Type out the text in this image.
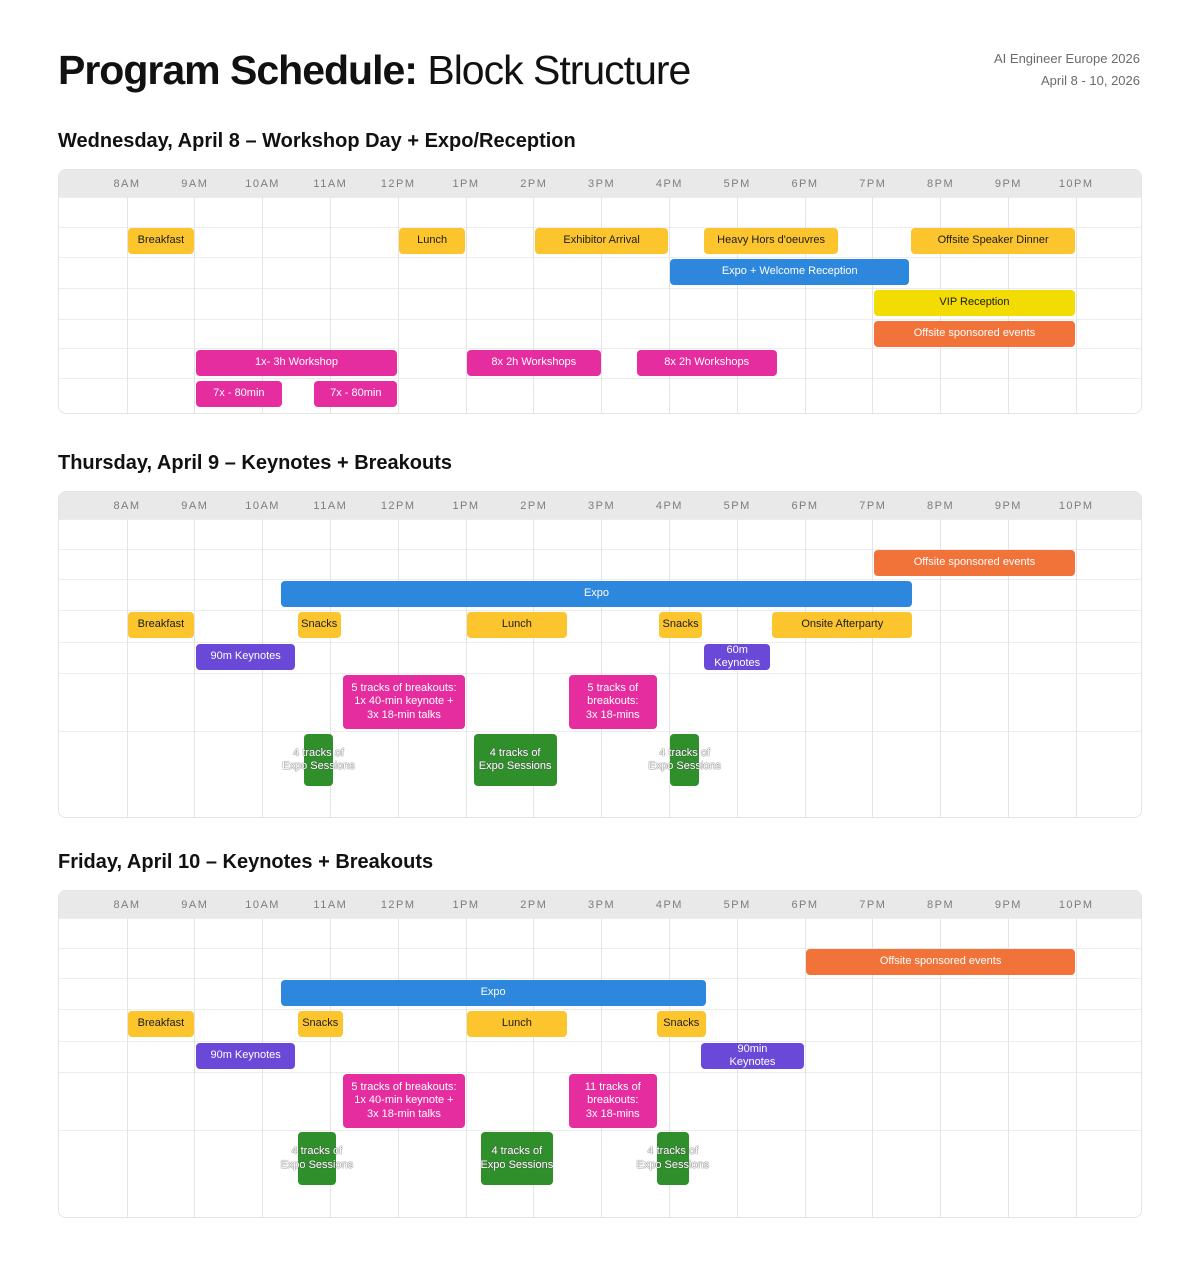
Program Schedule: Block Structure	AI Engineer Europe 2026
April 8 - 10, 2026
Wednesday, April 8 – Workshop Day + Expo/Reception
8AM	9AM	10AM	11AM	12PM	1PM	2PM	3PM	4PM	5PM	6PM	7PM	8PM	9PM	10PM
Breakfast	Lunch	Exhibitor Arrival	Heavy Hors d'oeuvres	Offsite Speaker Dinner
Expo + Welcome Reception
VIP Reception
Offsite sponsored events
1x- 3h Workshop	8x 2h Workshops	8x 2h Workshops
7x - 80min	7x - 80min
Thursday, April 9 – Keynotes + Breakouts
8AM	9AM	10AM	11AM	12PM	1PM	2PM	3PM	4PM	5PM	6PM	7PM	8PM	9PM	10PM
Offsite sponsored events
Expo
Breakfast	Snacks	Lunch	Snacks	Onsite Afterparty
90m Keynotes
60m
Keynotes
5 tracks of breakouts:
1x 40-min keynote +
3x 18-min talks
5 tracks of
breakouts:
3x 18-mins
4 tracks of
Expo Sessions
4 tracks of
Expo Sessions
4 tracks of
Expo Sessions
Friday, April 10 – Keynotes + Breakouts
8AM	9AM	10AM	11AM	12PM	1PM	2PM	3PM	4PM	5PM	6PM	7PM	8PM	9PM	10PM
Offsite sponsored events
Expo
Breakfast	Snacks	Lunch	Snacks
90m Keynotes
90min
Keynotes
5 tracks of breakouts:
1x 40-min keynote +
3x 18-min talks
11 tracks of
breakouts:
3x 18-mins
4 tracks of
Expo Sessions
4 tracks of
Expo Sessions
4 tracks of
Expo Sessions
